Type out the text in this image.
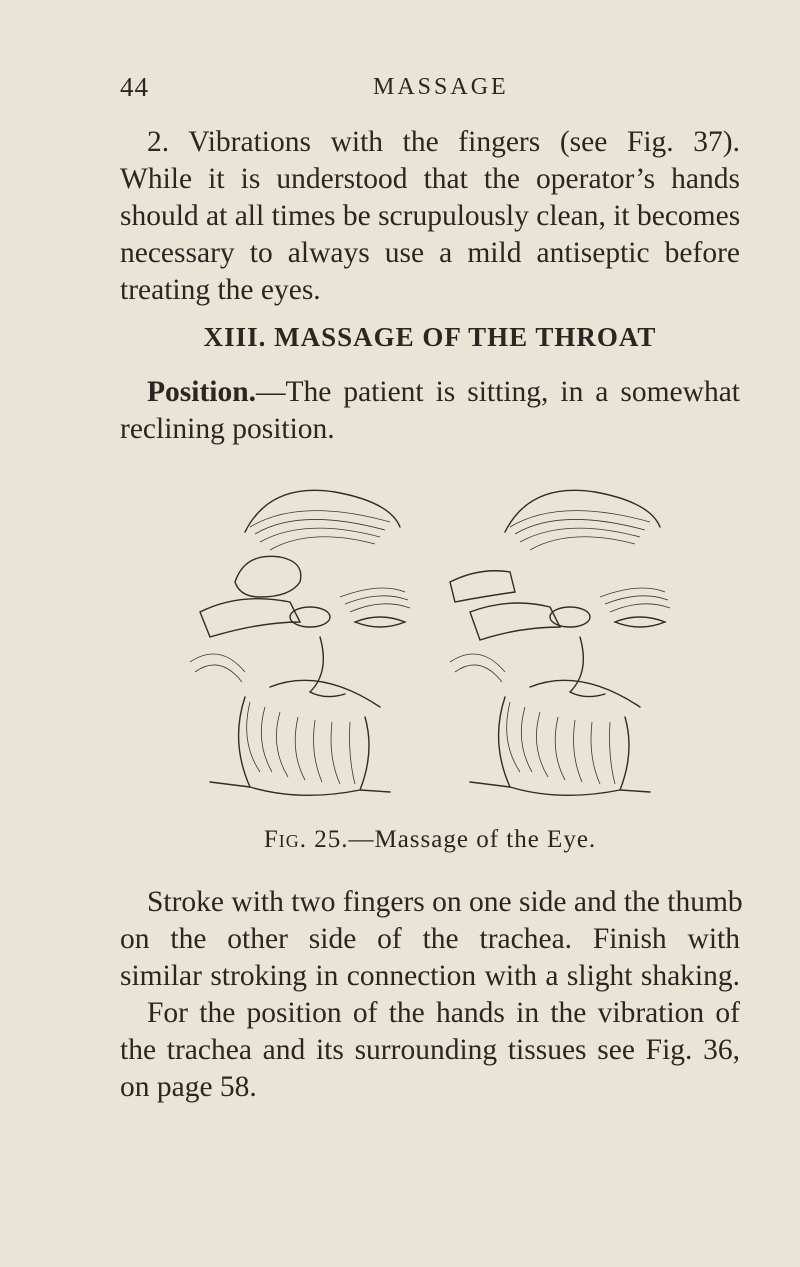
44	MASSAGE
2. Vibrations with the fingers (see Fig. 37).
While it is understood that the operator’s hands
should at all times be scrupulously clean, it becomes
necessary to always use a mild antiseptic before
treating the eyes.
XIII. MASSAGE OF THE THROAT
Position.—The patient is sitting, in a somewhat
reclining position.
Fig. 25.—Massage of the Eye.
Stroke with two fingers on one side and the thumb
on the other side of the trachea. Finish with
similar stroking in connection with a slight shaking.
For the position of the hands in the vibration of
the trachea and its surrounding tissues see Fig. 36,
on page 58.
